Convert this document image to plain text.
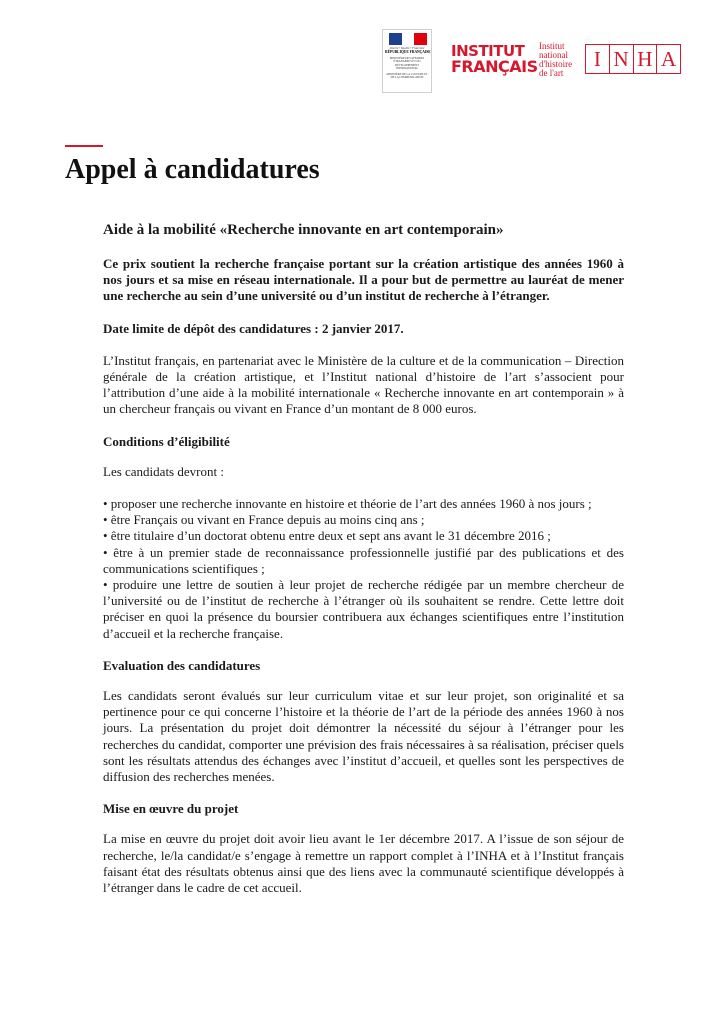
Liberté • Égalité • Fraternité
RÉPUBLIQUE FRANÇAISE
MINISTÈRE DES AFFAIRES ÉTRANGÈRES ET DU DÉVELOPPEMENT INTERNATIONAL
MINISTÈRE DE LA CULTURE ET DE LA COMMUNICATION
INSTITUT
FRANÇAIS
Institut
national
d'histoire
de l'art
I N H A
Appel à candidatures
Aide à la mobilité «Recherche innovante en art contemporain»

Ce prix soutient la recherche française portant sur la création artistique des années 1960 à nos jours et sa mise en réseau internationale. Il a pour but de permettre au lauréat de mener une recherche au sein d’une université ou d’un institut de recherche à l’étranger.

Date limite de dépôt des candidatures : 2 janvier 2017.

L’Institut français, en partenariat avec le Ministère de la culture et de la communication – Direction générale de la création artistique, et l’Institut national d’histoire de l’art s’associent pour l’attribution d’une aide à la mobilité internationale « Recherche innovante en art contemporain » à un chercheur français ou vivant en France d’un montant de 8 000 euros.

Conditions d’éligibilité

Les candidats devront :

• proposer une recherche innovante en histoire et théorie de l’art des années 1960 à nos jours ;

• être Français ou vivant en France depuis au moins cinq ans ;

• être titulaire d’un doctorat obtenu entre deux et sept ans avant le 31 décembre 2016 ;

• être à un premier stade de reconnaissance professionnelle justifié par des publications et des communications scientifiques ;

• produire une lettre de soutien à leur projet de recherche rédigée par un membre chercheur de l’université ou de l’institut de recherche à l’étranger où ils souhaitent se rendre. Cette lettre doit préciser en quoi la présence du boursier contribuera aux échanges scientifiques entre l’institution d’accueil et la recherche française.

Evaluation des candidatures

Les candidats seront évalués sur leur curriculum vitae et sur leur projet, son originalité et sa pertinence pour ce qui concerne l’histoire et la théorie de l’art de la période des années 1960 à nos jours. La présentation du projet doit démontrer la nécessité du séjour à l’étranger pour les recherches du candidat, comporter une prévision des frais nécessaires à sa réalisation, préciser quels sont les résultats attendus des échanges avec l’institut d’accueil, et quelles sont les perspectives de diffusion des recherches menées.

Mise en œuvre du projet

La mise en œuvre du projet doit avoir lieu avant le 1er décembre 2017. A l’issue de son séjour de recherche, le/la candidat/e s’engage à remettre un rapport complet à l’INHA et à l’Institut français faisant état des résultats obtenus ainsi que des liens avec la communauté scientifique développés à l’étranger dans le cadre de cet accueil.
